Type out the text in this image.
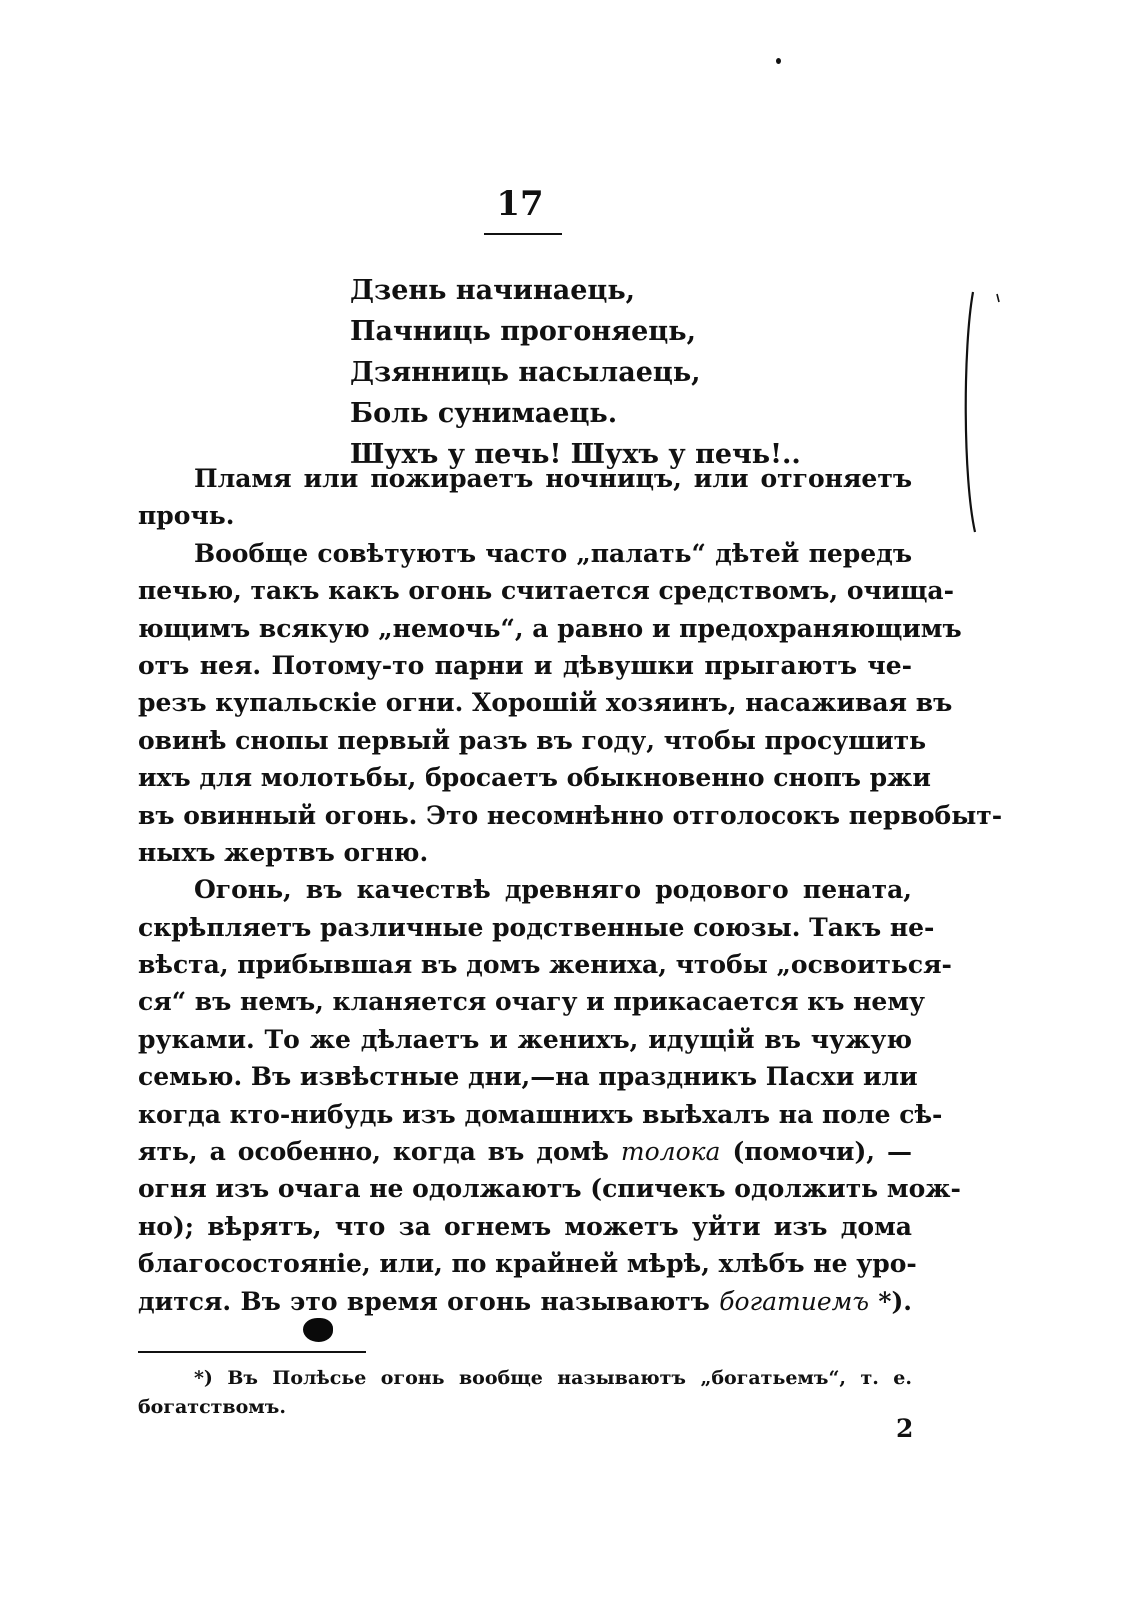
17
Дзень начинаець,
Пачниць прогоняець,
Дзянниць насылаець,
Боль сунимаець.
Шухъ у печь! Шухъ у печь!..
Пламя или пожираетъ ночницъ, или отгоняетъ
прочь.
Вообще совѣтуютъ часто „палать“ дѣтей передъ
печью, такъ какъ огонь считается средствомъ, очища-
ющимъ всякую „немочь“, а равно и предохраняющимъ
отъ нея. Потому-то парни и дѣвушки прыгаютъ че-
резъ купальскіе огни. Хорошій хозяинъ, насаживая въ
овинѣ снопы первый разъ въ году, чтобы просушить
ихъ для молотьбы, бросаетъ обыкновенно снопъ ржи
въ овинный огонь. Это несомнѣнно отголосокъ первобыт-
ныхъ жертвъ огню.
Огонь, въ качествѣ древняго родового пената,
скрѣпляетъ различные родственные союзы. Такъ не-
вѣста, прибывшая въ домъ жениха, чтобы „освоиться-
ся“ въ немъ, кланяется очагу и прикасается къ нему
руками. То же дѣлаетъ и женихъ, идущій въ чужую
семью. Въ извѣстные дни,—на праздникъ Пасхи или
когда кто-нибудь изъ домашнихъ выѣхалъ на поле сѣ-
ять, а особенно, когда въ домѣ толока (помочи), —
огня изъ очага не одолжаютъ (спичекъ одолжить мож-
но); вѣрятъ, что за огнемъ можетъ уйти изъ дома
благосостояніе, или, по крайней мѣрѣ, хлѣбъ не уро-
дится. Въ это время огонь называютъ богатиемъ *).
*) Въ Полѣсье огонь вообще называютъ „богатьемъ“, т. е.
богатствомъ.
2
